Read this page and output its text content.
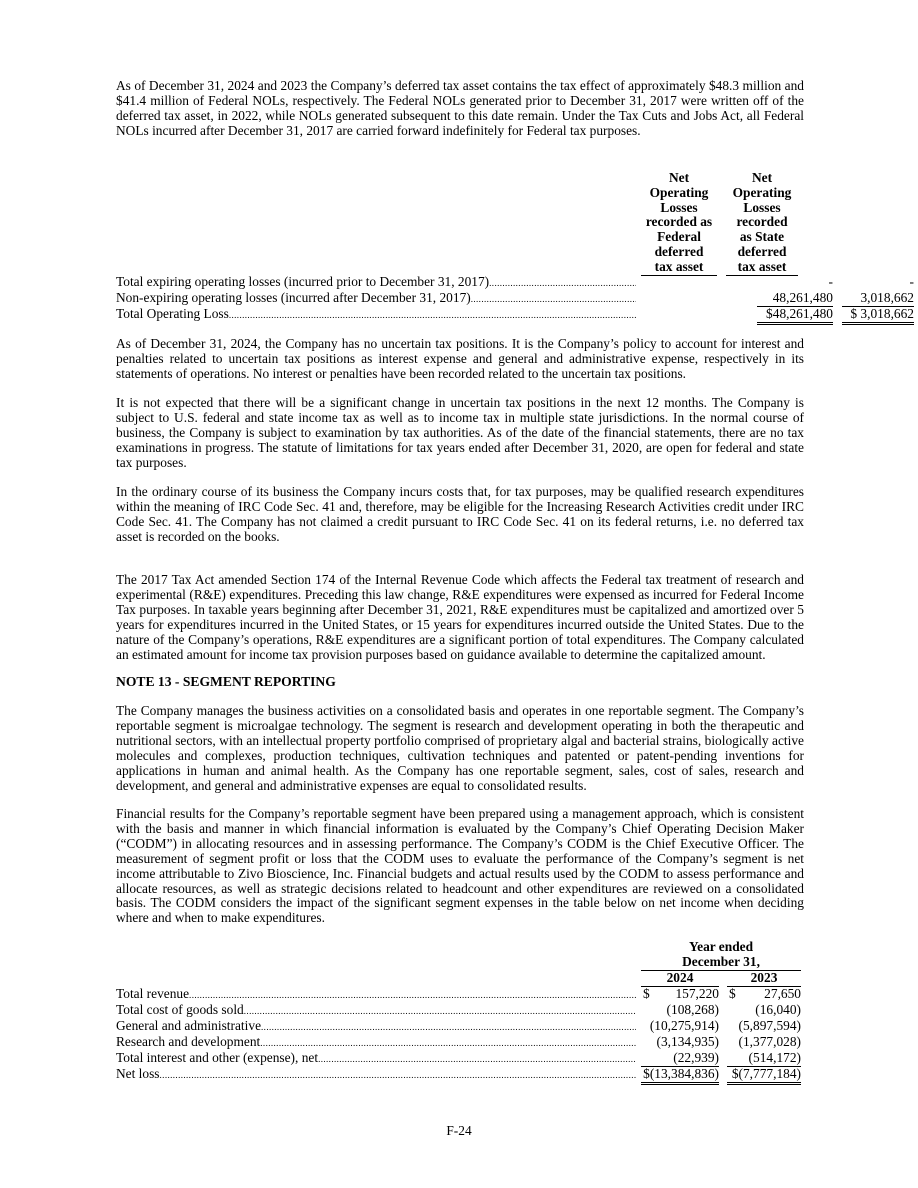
As of December 31, 2024 and 2023 the Company’s deferred tax asset contains the tax effect of approximately $48.3 million and $41.4 million of Federal NOLs, respectively. The Federal NOLs generated prior to December 31, 2017 were written off of the deferred tax asset, in 2022, while NOLs generated subsequent to this date remain. Under the Tax Cuts and Jobs Act, all Federal NOLs incurred after December 31, 2017 are carried forward indefinitely for Federal tax purposes.

Net
Operating
Losses
recorded as
Federal
deferred
tax asset
Net
Operating
Losses
recorded
as State
deferred
tax asset
Total expiring operating losses (incurred prior to December 31, 2017) .....	-	-
Non-expiring operating losses (incurred after December 31, 2017) .....	48,261,480	3,018,662
Total Operating Loss .....	$48,261,480	$ 3,018,662

As of December 31, 2024, the Company has no uncertain tax positions. It is the Company’s policy to account for interest and penalties related to uncertain tax positions as interest expense and general and administrative expense, respectively in its statements of operations. No interest or penalties have been recorded related to the uncertain tax positions.

It is not expected that there will be a significant change in uncertain tax positions in the next 12 months. The Company is subject to U.S. federal and state income tax as well as to income tax in multiple state jurisdictions. In the normal course of business, the Company is subject to examination by tax authorities. As of the date of the financial statements, there are no tax examinations in progress. The statute of limitations for tax years ended after December 31, 2020, are open for federal and state tax purposes.

In the ordinary course of its business the Company incurs costs that, for tax purposes, may be qualified research expenditures within the meaning of IRC Code Sec. 41 and, therefore, may be eligible for the Increasing Research Activities credit under IRC Code Sec. 41. The Company has not claimed a credit pursuant to IRC Code Sec. 41 on its federal returns, i.e. no deferred tax asset is recorded on the books.

The 2017 Tax Act amended Section 174 of the Internal Revenue Code which affects the Federal tax treatment of research and experimental (R&E) expenditures. Preceding this law change, R&E expenditures were expensed as incurred for Federal Income Tax purposes. In taxable years beginning after December 31, 2021, R&E expenditures must be capitalized and amortized over 5 years for expenditures incurred in the United States, or 15 years for expenditures incurred outside the United States. Due to the nature of the Company’s operations, R&E expenditures are a significant portion of total expenditures. The Company calculated an estimated amount for income tax provision purposes based on guidance available to determine the capitalized amount.

NOTE 13 - SEGMENT REPORTING

The Company manages the business activities on a consolidated basis and operates in one reportable segment. The Company’s reportable segment is microalgae technology. The segment is research and development operating in both the therapeutic and nutritional sectors, with an intellectual property portfolio comprised of proprietary algal and bacterial strains, biologically active molecules and complexes, production techniques, cultivation techniques and patented or patent-pending inventions for applications in human and animal health. As the Company has one reportable segment, sales, cost of sales, research and development, and general and administrative expenses are equal to consolidated results.

Financial results for the Company’s reportable segment have been prepared using a management approach, which is consistent with the basis and manner in which financial information is evaluated by the Company’s Chief Operating Decision Maker (“CODM”) in allocating resources and in assessing performance. The Company’s CODM is the Chief Executive Officer. The measurement of segment profit or loss that the CODM uses to evaluate the performance of the Company’s segment is net income attributable to Zivo Bioscience, Inc. Financial budgets and actual results used by the CODM to assess performance and allocate resources, as well as strategic decisions related to headcount and other expenditures are reviewed on a consolidated basis. The CODM considers the impact of the significant segment expenses in the table below on net income when deciding where and when to make expenditures.

Year ended
December 31,
2024	2023
Total revenue .....	$	157,220 $	27,650
Total cost of goods sold .....	(108,268)	(16,040)
General and administrative .....	(10,275,914)	(5,897,594)
Research and development .....	(3,134,935)	(1,377,028)
Total interest and other (expense), net .....	(22,939)	(514,172)
Net loss .....	$(13,384,836) $(7,777,184)
F-24
